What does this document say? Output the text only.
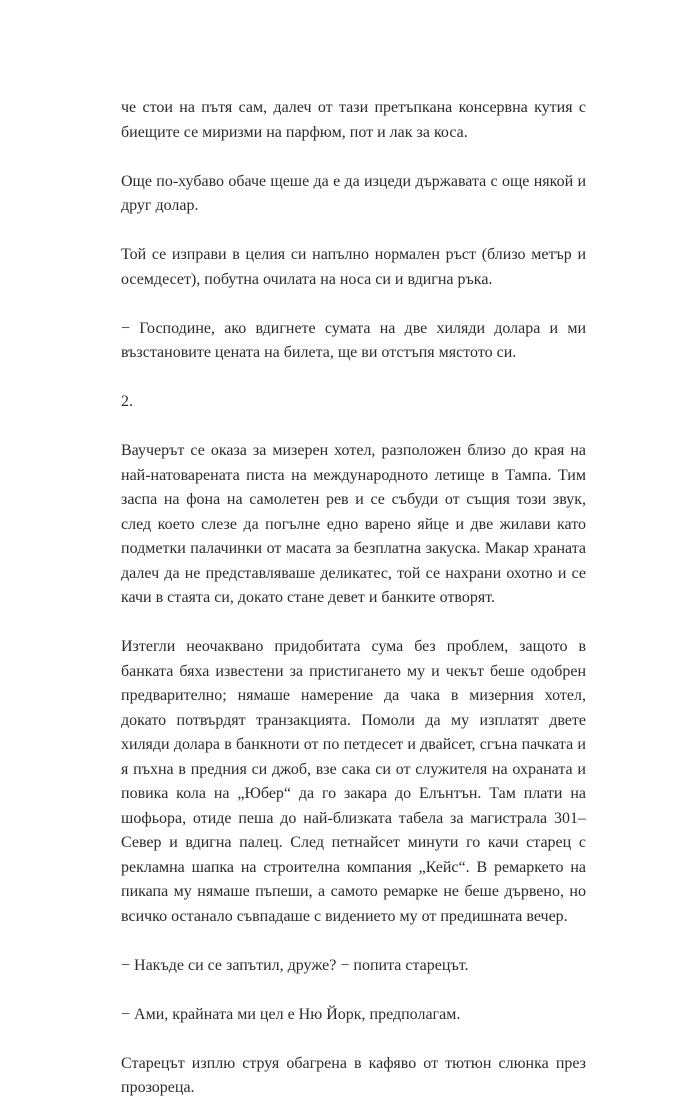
че стои на пътя сам, далеч от тази претъпкана консервна кутия с биещите се миризми на парфюм, пот и лак за коса.

Още по-хубаво обаче щеше да е да изцеди държавата с още някой и друг долар.

Той се изправи в целия си напълно нормален ръст (близо метър и осемдесет), побутна очилата на носа си и вдигна ръка.

− Господине, ако вдигнете сумата на две хиляди долара и ми възстановите цената на билета, ще ви отстъпя мястото си.

2.

Ваучерът се оказа за мизерен хотел, разположен близо до края на най-натоварената писта на международното летище в Тампа. Тим заспа на фона на самолетен рев и се събуди от същия този звук, след което слезе да погълне едно варено яйце и две жилави като подметки палачинки от масата за безплатна закуска. Макар храната далеч да не представляваше деликатес, той се нахрани охотно и се качи в стаята си, докато стане девет и банките отворят.

Изтегли неочаквано придобитата сума без проблем, защото в банката бяха известени за пристигането му и чекът беше одобрен предварително; нямаше намерение да чака в мизерния хотел, докато потвърдят транзакцията. Помоли да му изплатят двете хиляди долара в банкноти от по петдесет и двайсет, сгъна пачката и я пъхна в предния си джоб, взе сака си от служителя на охраната и повика кола на „Юбер“ да го закара до Елънтън. Там плати на шофьора, отиде пеша до най-близката табела за магистрала 301–Север и вдигна палец. След петнайсет минути го качи старец с рекламна шапка на строителна компания „Кейс“. В ремаркето на пикапа му нямаше пъпеши, а самото ремарке не беше дървено, но всичко останало съвпадаше с видението му от предишната вечер.

− Накъде си се запътил, друже? − попита старецът.

− Ами, крайната ми цел е Ню Йорк, предполагам.

Старецът изплю струя обагрена в кафяво от тютюн слюнка през прозореца.
